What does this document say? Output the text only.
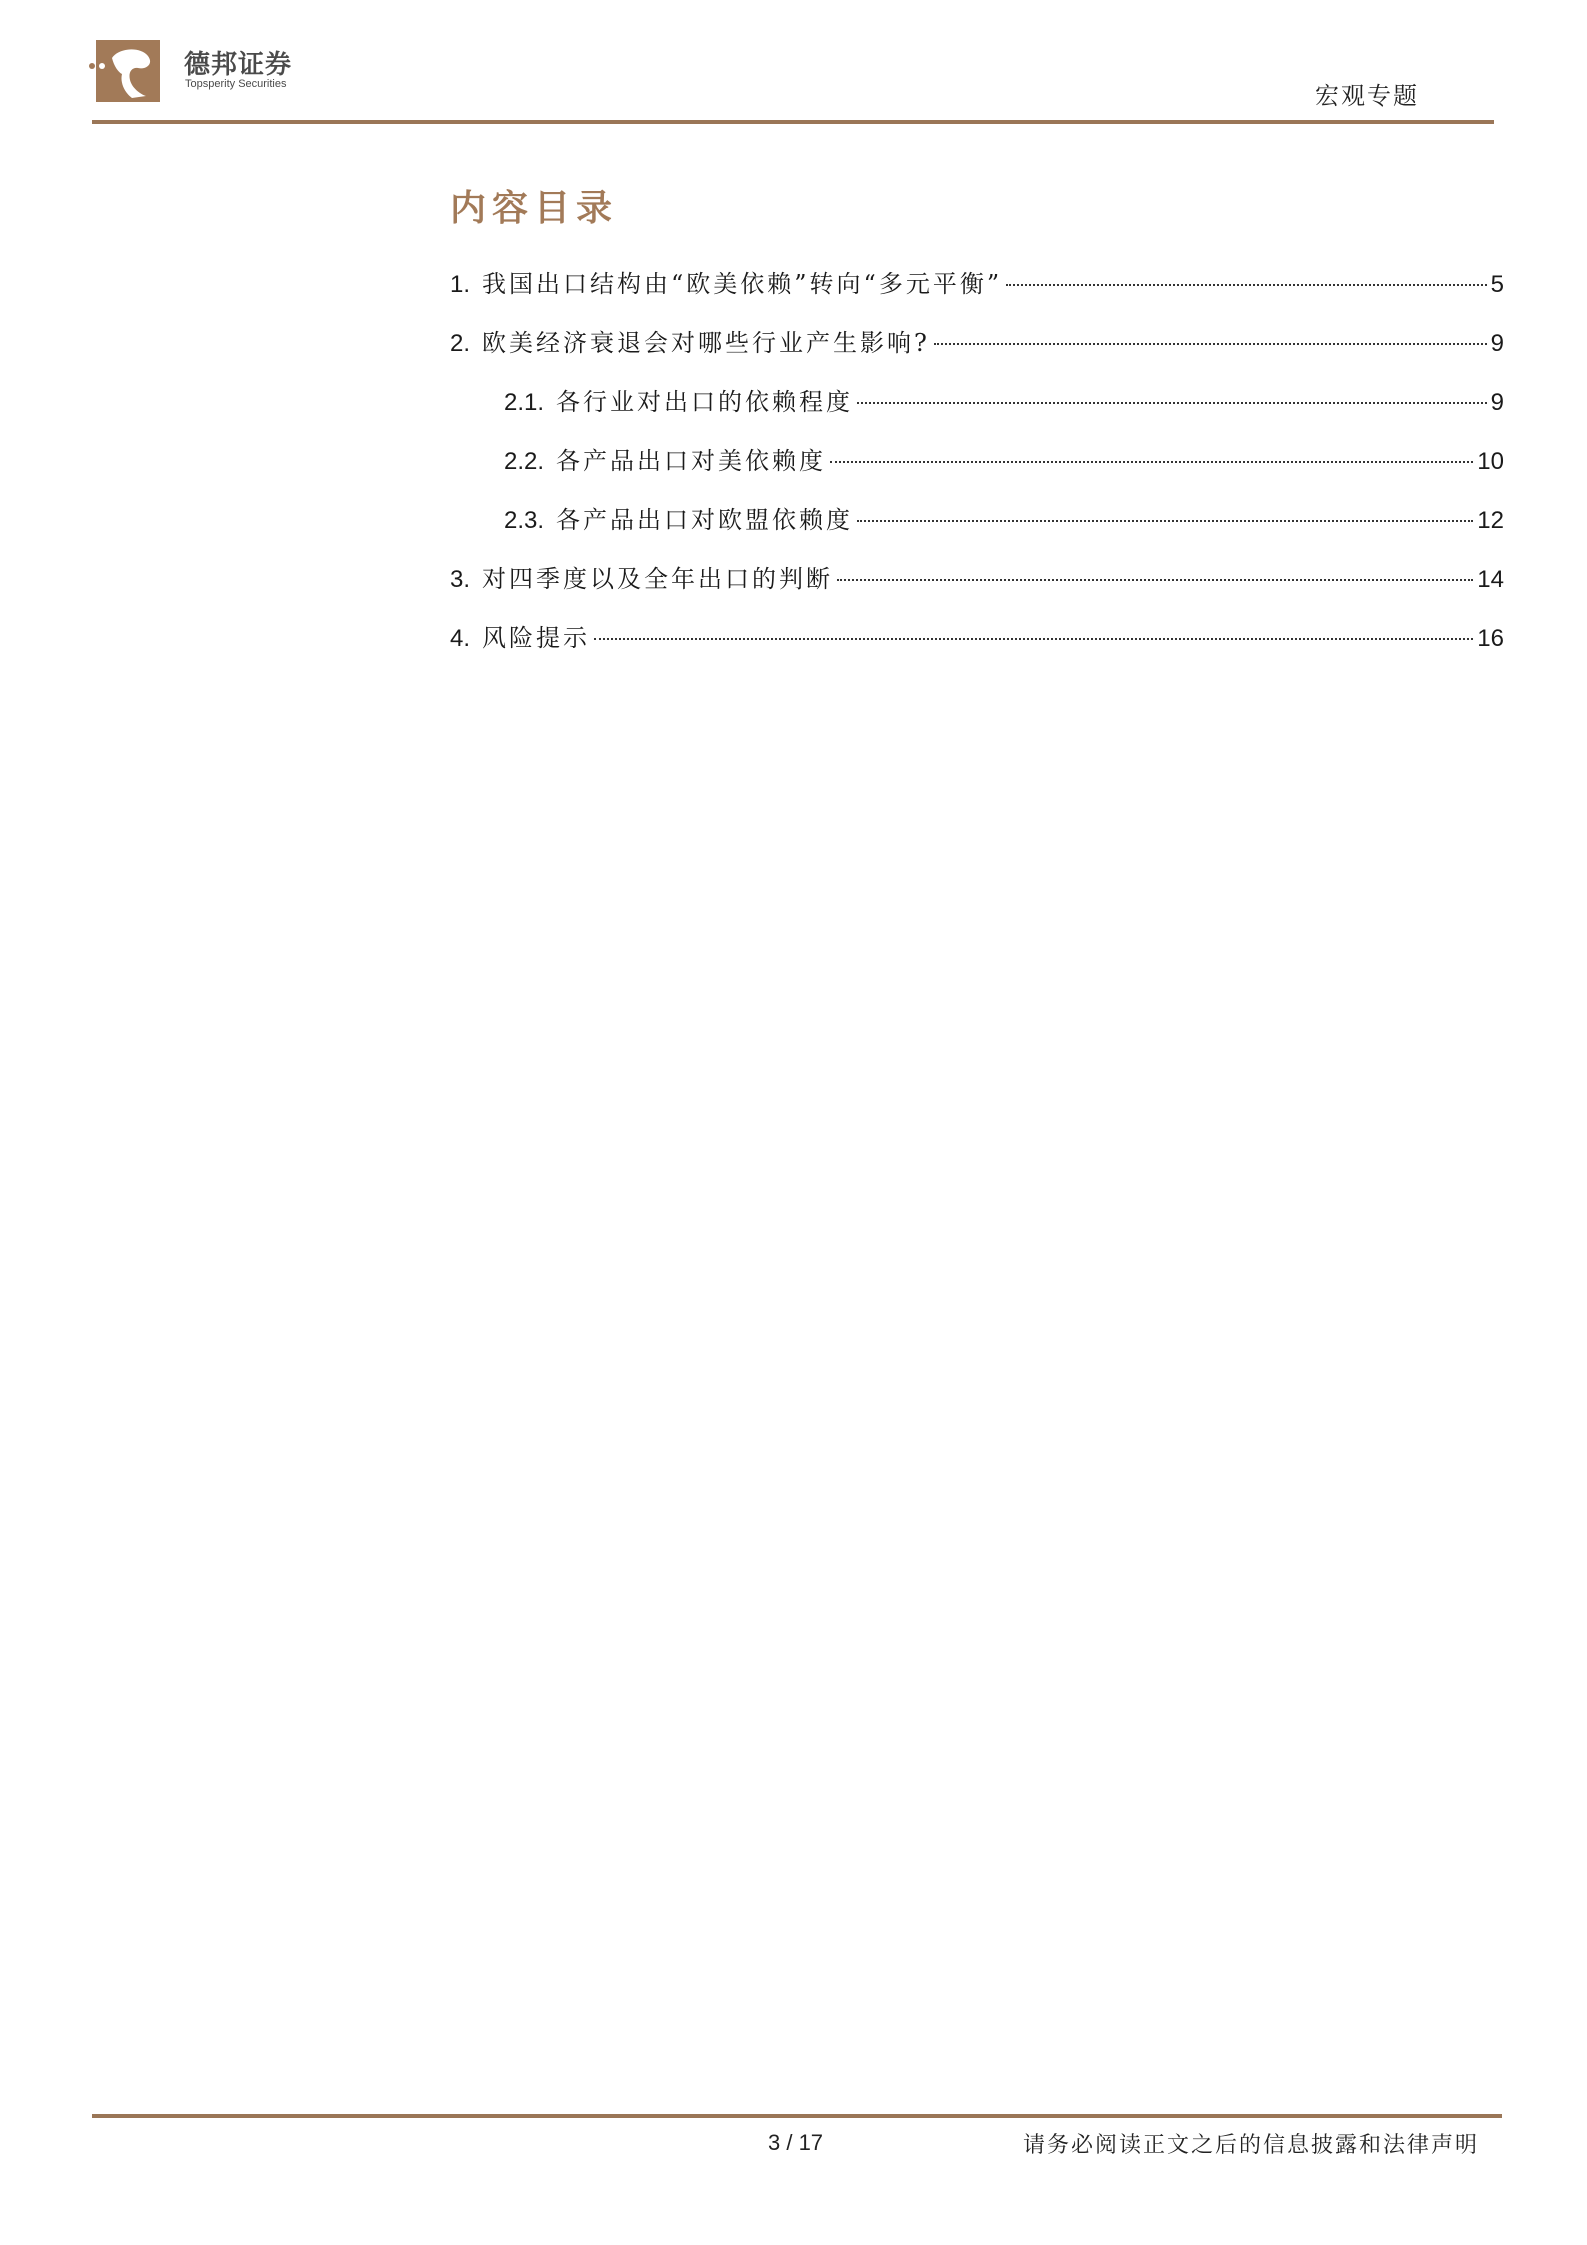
德邦证券
Topsperity Securities	宏观专题
内容目录
1. 我国出口结构由“欧美依赖”转向“多元平衡”	5
2. 欧美经济衰退会对哪些行业产生影响?	9
2.1. 各行业对出口的依赖程度	9
2.2. 各产品出口对美依赖度	10
2.3. 各产品出口对欧盟依赖度	12
3. 对四季度以及全年出口的判断	14
4. 风险提示	16
3 / 17	请务必阅读正文之后的信息披露和法律声明
